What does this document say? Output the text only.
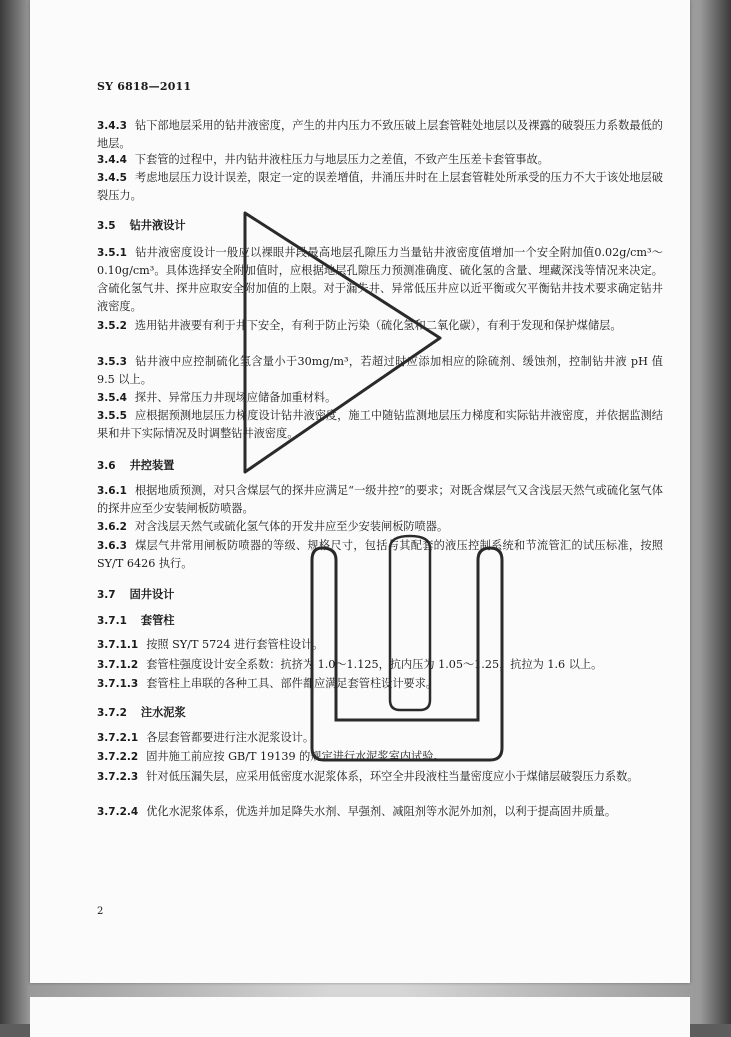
SY 6818—2011
3.4.3 钻下部地层采用的钻井液密度，产生的井内压力不致压破上层套管鞋处地层以及裸露的破裂压力系数最低的地层。
3.4.4 下套管的过程中，井内钻井液柱压力与地层压力之差值，不致产生压差卡套管事故。
3.4.5 考虑地层压力设计误差，限定一定的误差增值，井涌压井时在上层套管鞋处所承受的压力不大于该处地层破裂压力。
3.5 钻井液设计
3.5.1 钻井液密度设计一般应以裸眼井段最高地层孔隙压力当量钻井液密度值增加一个安全附加值0.02g/cm³～0.10g/cm³。具体选择安全附加值时，应根据地层孔隙压力预测准确度、硫化氢的含量、埋藏深浅等情况来决定。含硫化氢气井、探井应取安全附加值的上限。对于漏失井、异常低压井应以近平衡或欠平衡钻井技术要求确定钻井液密度。
3.5.2 选用钻井液要有利于井下安全，有利于防止污染（硫化氢和二氧化碳），有利于发现和保护煤储层。
3.5.3 钻井液中应控制硫化氢含量小于30mg/m³，若超过时应添加相应的除硫剂、缓蚀剂，控制钻井液 pH 值 9.5 以上。
3.5.4 探井、异常压力井现场应储备加重材料。
3.5.5 应根据预测地层压力梯度设计钻井液密度，施工中随钻监测地层压力梯度和实际钻井液密度，并依据监测结果和井下实际情况及时调整钻井液密度。
3.6 井控装置
3.6.1 根据地质预测，对只含煤层气的探井应满足“一级井控”的要求；对既含煤层气又含浅层天然气或硫化氢气体的探井应至少安装闸板防喷器。
3.6.2 对含浅层天然气或硫化氢气体的开发井应至少安装闸板防喷器。
3.6.3 煤层气井常用闸板防喷器的等级、规格尺寸，包括与其配套的液压控制系统和节流管汇的试压标准，按照 SY/T 6426 执行。
3.7 固井设计
3.7.1 套管柱
3.7.1.1 按照 SY/T 5724 进行套管柱设计。
3.7.1.2 套管柱强度设计安全系数：抗挤为 1.0～1.125，抗内压为 1.05～1.25，抗拉为 1.6 以上。
3.7.1.3 套管柱上串联的各种工具、部件都应满足套管柱设计要求。
3.7.2 注水泥浆
3.7.2.1 各层套管都要进行注水泥浆设计。
3.7.2.2 固井施工前应按 GB/T 19139 的规定进行水泥浆室内试验。
3.7.2.3 针对低压漏失层，应采用低密度水泥浆体系，环空全井段液柱当量密度应小于煤储层破裂压力系数。
3.7.2.4 优化水泥浆体系，优选并加足降失水剂、早强剂、减阻剂等水泥外加剂，以利于提高固井质量。
2
